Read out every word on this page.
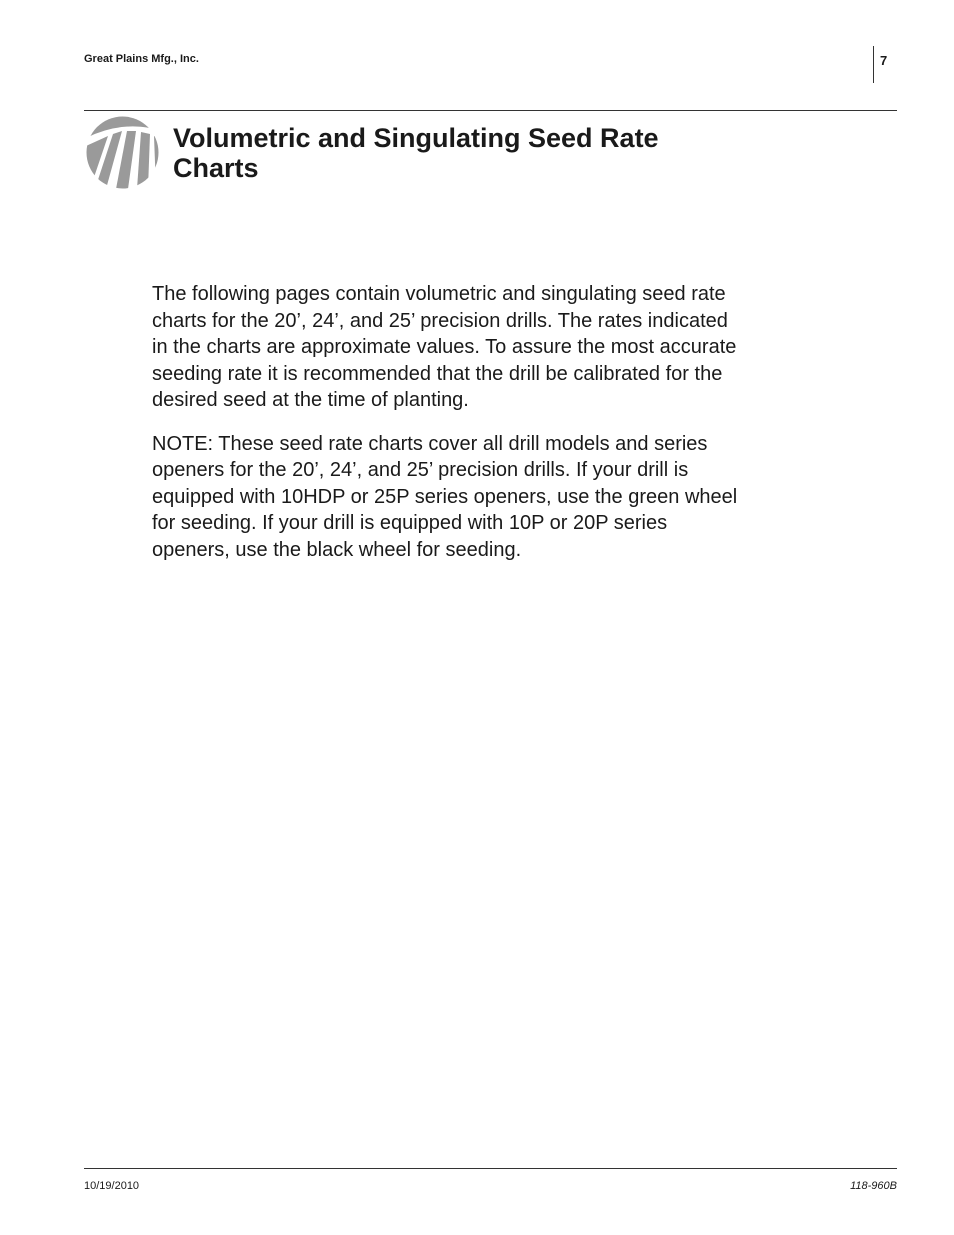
Great Plains Mfg., Inc.	7
Volumetric and Singulating Seed Rate Charts

The following pages contain volumetric and singulating seed rate charts for the 20’, 24’, and 25’ precision drills. The rates indicated in the charts are approximate values. To assure the most accurate seeding rate it is recommended that the drill be calibrated for the desired seed at the time of planting.

NOTE: These seed rate charts cover all drill models and series openers for the 20’, 24’, and 25’ precision drills. If your drill is equipped with 10HDP or 25P series openers, use the green wheel for seeding. If your drill is equipped with 10P or 20P series openers, use the black wheel for seeding.

10/19/2010	118-960B
